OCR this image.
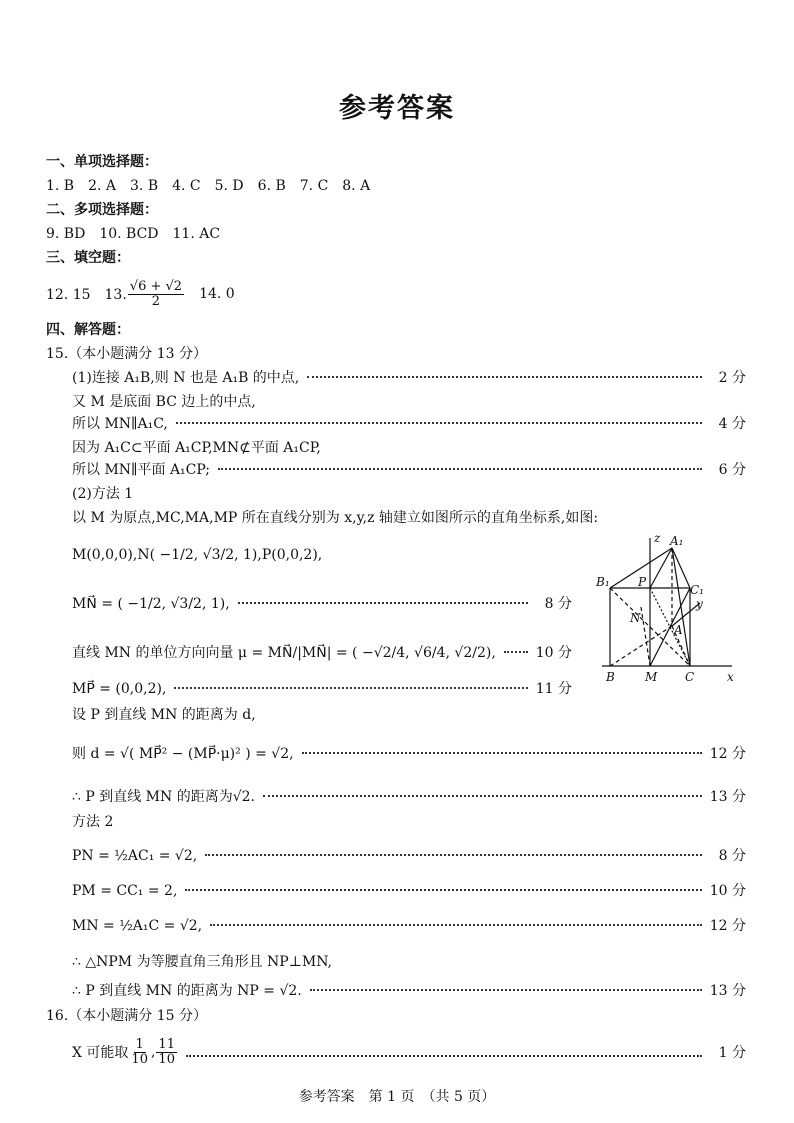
参考答案
一、单项选择题：
1. B　2. A　3. B　4. C　5. D　6. B　7. C　8. A
二、多项选择题：
9. BD　10. BCD　11. AC
三、填空题：
12. 15　13. $\frac{√6 + √2}{2} 14$. 0
四、解答题：
15.（本小题满分 13 分）
(1)连接 A₁B,则 N 也是 A₁B 的中点,	2 分
又 M 是底面 BC 边上的中点,
所以 MN∥A₁C,	4 分
因为 A₁C⊂平面 A₁CP,MN⊄平面 A₁CP,
所以 MN∥平面 A₁CP;	6 分
(2)方法 1
以 M 为原点,MC,MA,MP 所在直线分别为 x,y,z 轴建立如图所示的直角坐标系,如图:
M(0,0,0),N( −1/2, √3/2, 1),P(0,0,2),
MN⃗ = ( −1/2, √3/2, 1),	8 分
直线 MN 的单位方向向量 μ = MN⃗/|MN⃗| = ( −√2/4, √6/4, √2/2),	10 分
MP⃗ = (0,0,2),	11 分
设 P 到直线 MN 的距离为 d,
则 d = √( MP⃗² − (MP⃗·μ)² ) = √2,	12 分
∴ P 到直线 MN 的距离为√2.	13 分
方法 2
PN = ½AC₁ = √2,	8 分
PM = CC₁ = 2,	10 分
MN = ½A₁C = √2,	12 分
∴ △NPM 为等腰直角三角形且 NP⊥MN,
∴ P 到直线 MN 的距离为 NP = √2.	13 分
16.（本小题满分 15 分）
X 可能取 $\frac{1}{10}$ , $\frac{11}{10}$	1 分
z A₁
B₁ P
C₁
y
N
A
B	M C	x
参考答案　第 1 页　（共 5 页）
